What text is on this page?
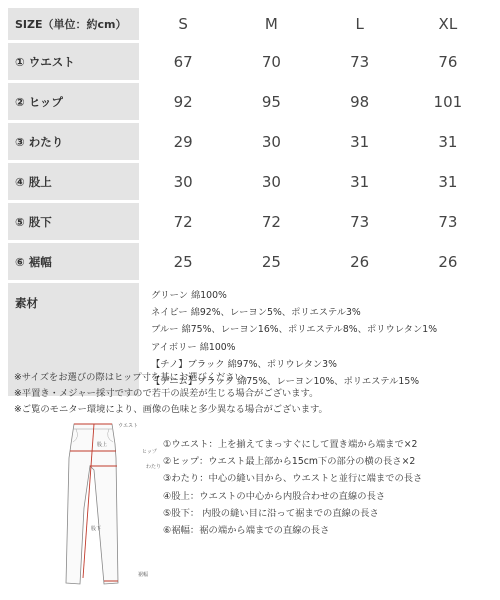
SIZE（単位：約cm）	S	M	L	XL
① ウエスト	67	70	73	76
② ヒップ	92	95	98	101
③ わたり	29	30	31	31
④ 股上	30	30	31	31
⑤ 股下	72	72	73	73
⑥ 裾幅	25	25	26	26
素材
グリーン 綿100%
ネイビー 綿92%、レーヨン5%、ポリエステル3%
ブルー 綿75%、レーヨン16%、ポリエステル8%、ポリウレタン1%
アイボリー 綿100%
【チノ】ブラック 綿97%、ポリウレタン3%
【デニム】ブラック 綿75%、レーヨン10%、ポリエステル15%
※サイズをお選びの際はヒップ寸を基にお選びください。
※平置き・メジャー採寸ですので若干の誤差が生じる場合がございます。
※ご覧のモニター環境により、画像の色味と多少異なる場合がございます。
ウエスト
ヒップ
わたり
股上
股下
裾幅
①ウエスト：上を揃えてまっすぐにして置き端から端まで×2
②ヒップ：ウエスト最上部から15cm下の部分の横の長さ×2
③わたり：中心の縫い目から、ウエストと並行に端までの長さ
④股上：ウエストの中心から内股合わせの直線の長さ
⑤股下： 内股の縫い目に沿って裾までの直線の長さ
⑥裾幅：裾の端から端までの直線の長さ
